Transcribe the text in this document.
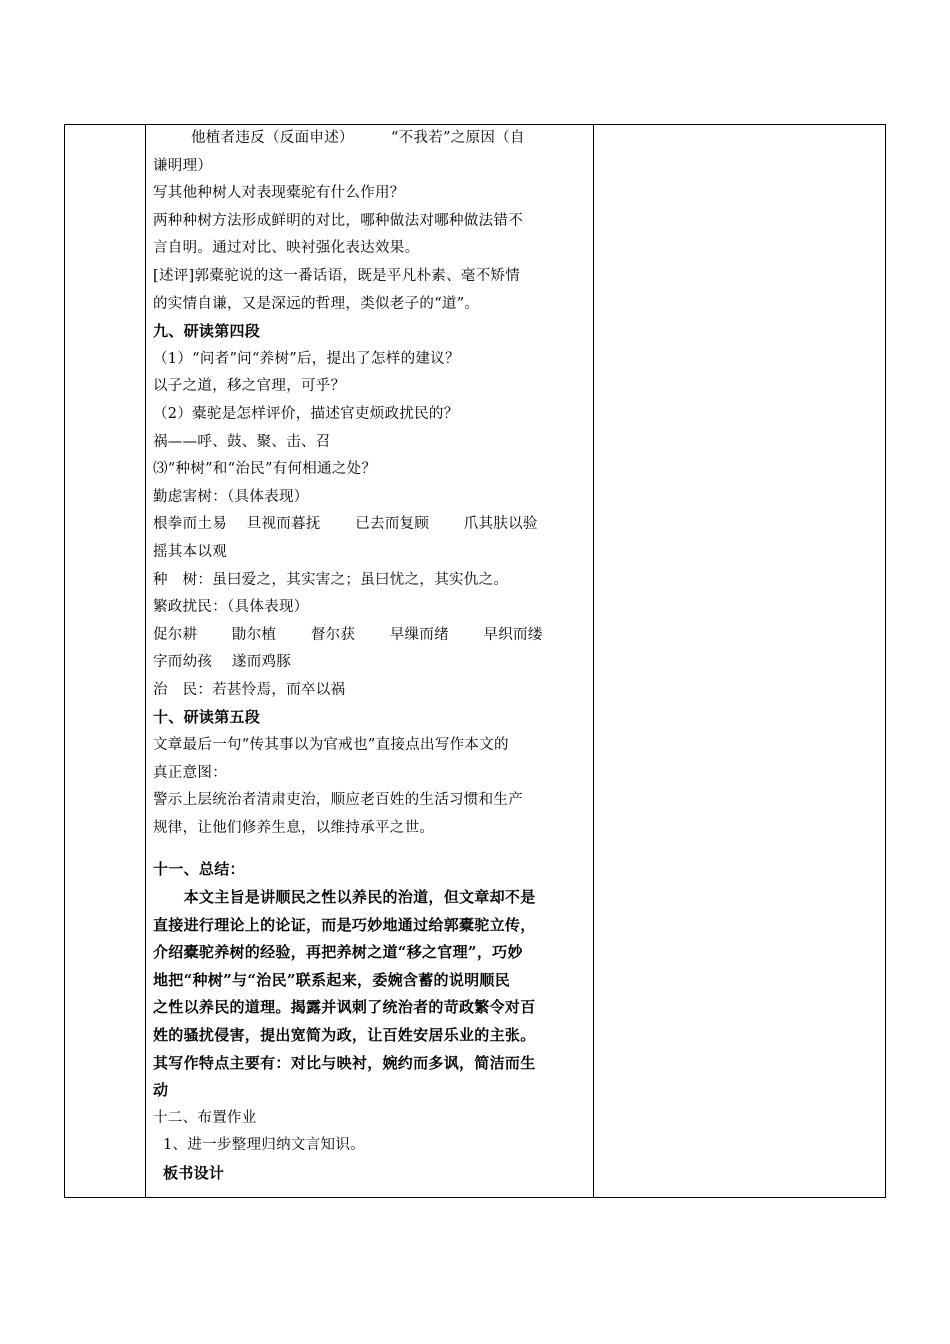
他植者违反（反面申述）　　　“不我若”之原因（自

谦明理）

写其他种树人对表现橐驼有什么作用？

两种种树方法形成鲜明的对比，哪种做法对哪种做法错不

言自明。通过对比、映衬强化表达效果。

[述评]郭橐驼说的这一番话语，既是平凡朴素、毫不矫情

的实情自谦，又是深远的哲理，类似老子的“道”。

九、研读第四段

（1）“问者”问“养树”后，提出了怎样的建议？

以子之道，移之官理，可乎？

（2）橐驼是怎样评价，描述官吏烦政扰民的？

祸——呼、鼓、聚、击、召

⑶“种树”和“治民”有何相通之处？

勤虑害树：（具体表现）

根拳而土易　 旦视而暮抚　　 已去而复顾　　 爪其肤以验

摇其本以观

种　树：虽曰爱之，其实害之；虽曰忧之，其实仇之。

繁政扰民：（具体表现）

促尔耕　　 勖尔植　　 督尔获　　 早缫而绪　　 早织而缕

字而幼孩　 遂而鸡豚

治　民：若甚怜焉，而卒以祸

十、研读第五段

文章最后一句“传其事以为官戒也”直接点出写作本文的

真正意图：

警示上层统治者清肃吏治，顺应老百姓的生活习惯和生产

规律，让他们修养生息，以维持承平之世。

十一、总结：

　　本文主旨是讲顺民之性以养民的治道，但文章却不是

直接进行理论上的论证，而是巧妙地通过给郭橐驼立传，

介绍橐驼养树的经验，再把养树之道“移之官理”，巧妙

地把“种树”与“治民”联系起来，委婉含蓄的说明顺民

之性以养民的道理。揭露并讽刺了统治者的苛政繁令对百

姓的骚扰侵害，提出宽简为政，让百姓安居乐业的主张。

其写作特点主要有：对比与映衬，婉约而多讽，简洁而生

动

十二、布置作业

1、进一步整理归纳文言知识。

板书设计
